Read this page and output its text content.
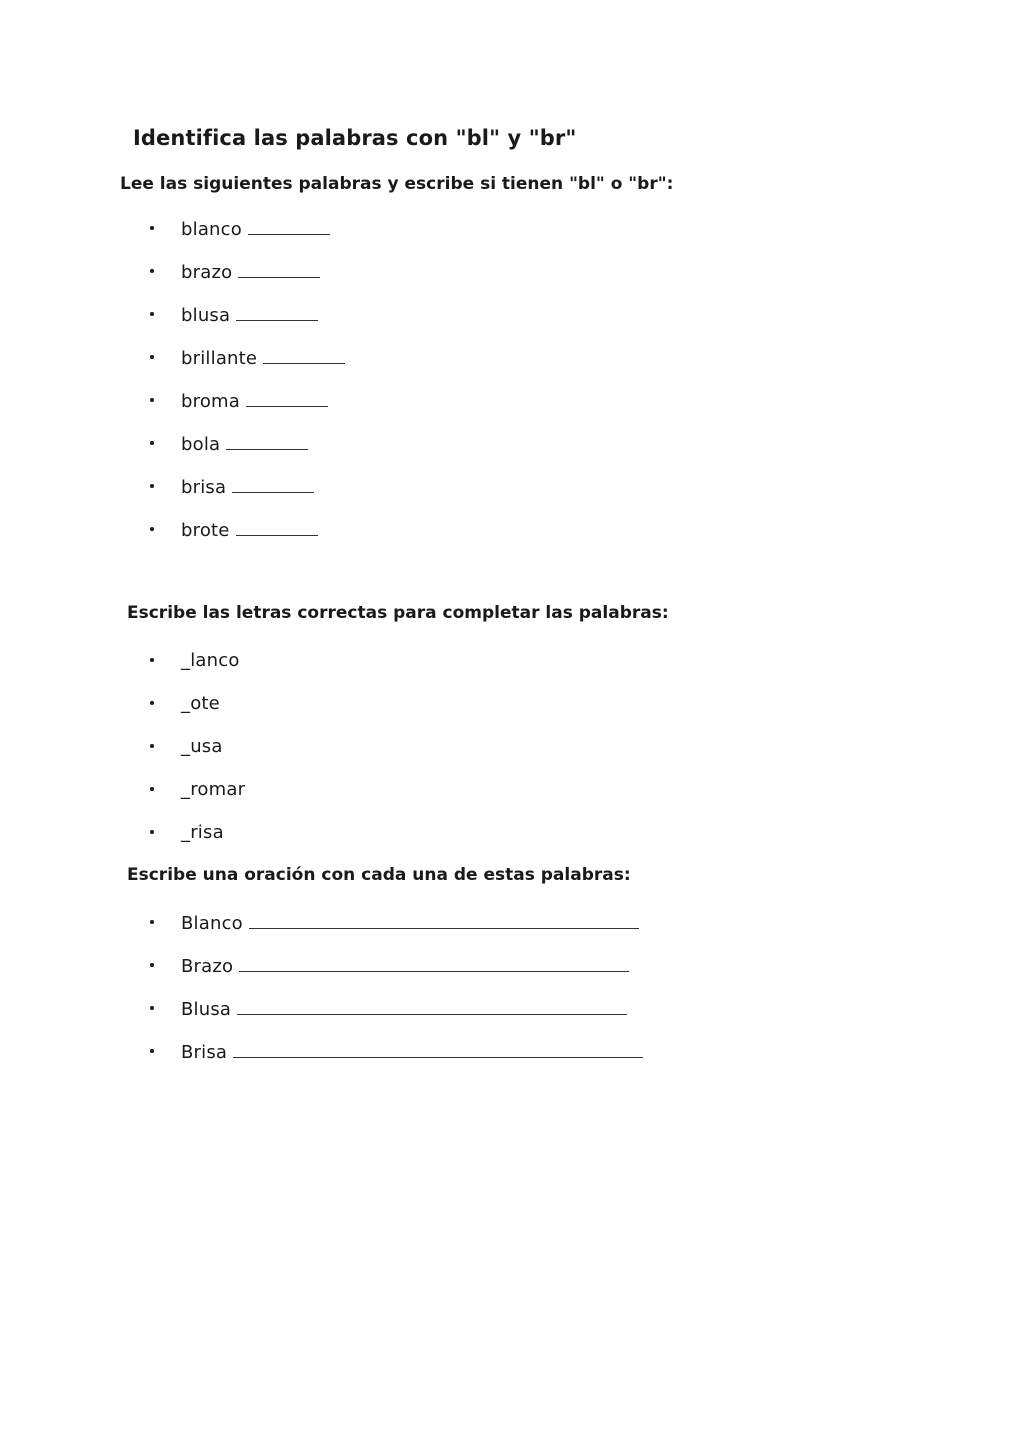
Identifica las palabras con "bl" y "br"
Lee las siguientes palabras y escribe si tienen "bl" o "br":
blanco
brazo
blusa
brillante
broma
bola
brisa
brote
Escribe las letras correctas para completar las palabras:
_lanco
_ote
_usa
_romar
_risa
Escribe una oración con cada una de estas palabras:
Blanco
Brazo
Blusa
Brisa
